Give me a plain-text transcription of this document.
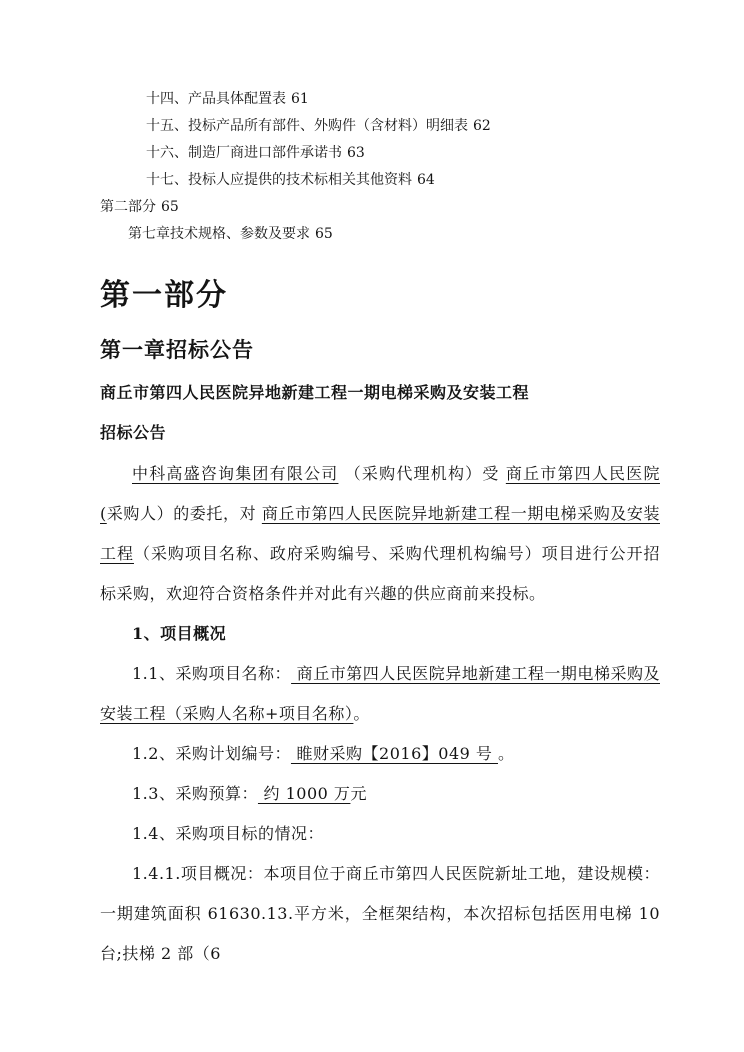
十四、产品具体配置表 61
十五、投标产品所有部件、外购件（含材料）明细表 62
十六、制造厂商进口部件承诺书 63
十七、投标人应提供的技术标相关其他资料 64
第二部分 65
第七章技术规格、参数及要求 65
第一部分
第一章招标公告
商丘市第四人民医院异地新建工程一期电梯采购及安装工程
招标公告

中科高盛咨询集团有限公司 （采购代理机构）受 商丘市第四人民医院(采购人）的委托，对 商丘市第四人民医院异地新建工程一期电梯采购及安装工程（采购项目名称、政府采购编号、采购代理机构编号）项目进行公开招标采购，欢迎符合资格条件并对此有兴趣的供应商前来投标。

1、项目概况

1.1、采购项目名称： 商丘市第四人民医院异地新建工程一期电梯采购及安装工程（采购人名称+项目名称）。

1.2、采购计划编号： 睢财采购【2016】049 号 。

1.3、采购预算： 约 1000 万元

1.4、采购项目标的情况：

1.4.1.项目概况：本项目位于商丘市第四人民医院新址工地，建设规模：一期建筑面积 61630.13.平方米，全框架结构，本次招标包括医用电梯 10 台;扶梯 2 部（6
